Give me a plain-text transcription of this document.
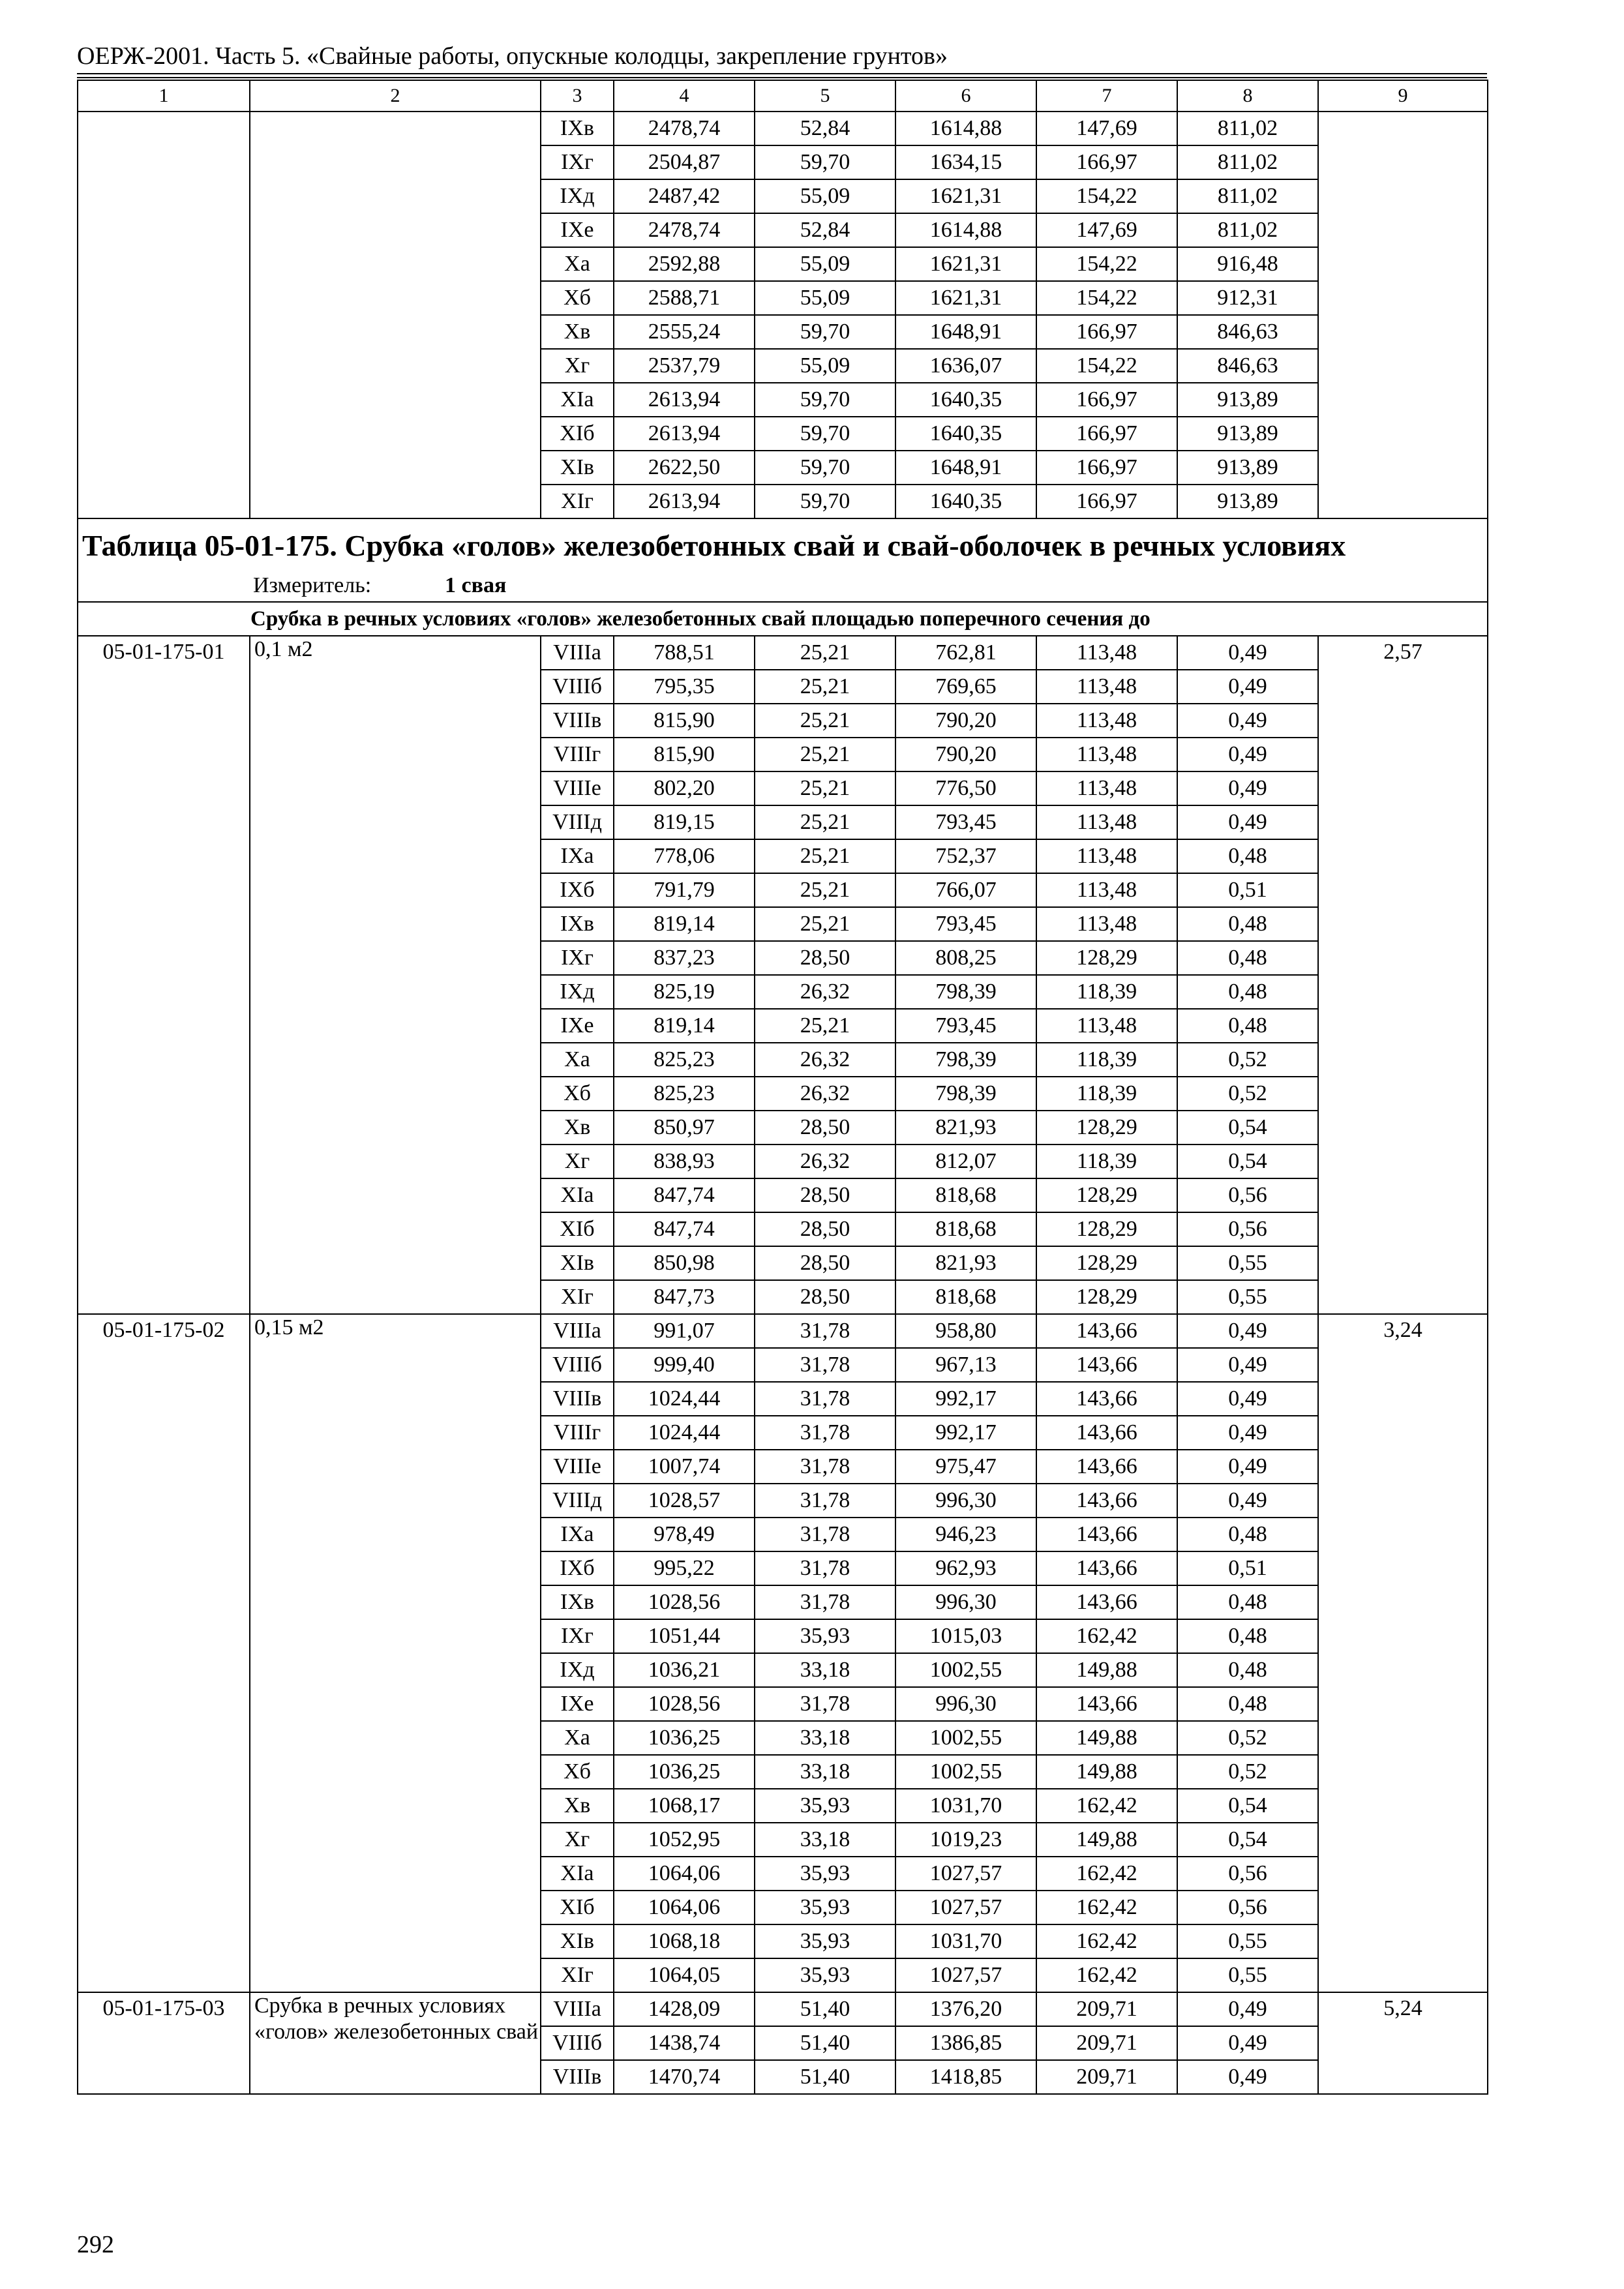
ОЕРЖ-2001. Часть 5. «Свайные работы, опускные колодцы, закрепление грунтов»
1	2	3	4	5	6	7	8	9
		IXв	2478,74	52,84	1614,88	147,69	811,02	
		IXг	2504,87	59,70	1634,15	166,97	811,02	
		IXд	2487,42	55,09	1621,31	154,22	811,02	
		IXе	2478,74	52,84	1614,88	147,69	811,02	
		Xа	2592,88	55,09	1621,31	154,22	916,48	
		Xб	2588,71	55,09	1621,31	154,22	912,31	
		Xв	2555,24	59,70	1648,91	166,97	846,63	
		Xг	2537,79	55,09	1636,07	154,22	846,63	
		XIа	2613,94	59,70	1640,35	166,97	913,89	
		XIб	2613,94	59,70	1640,35	166,97	913,89	
		XIв	2622,50	59,70	1648,91	166,97	913,89	
		XIг	2613,94	59,70	1640,35	166,97	913,89	

Таблица 05-01-175. Срубка «голов» железобетонных свай и свай-оболочек в речных условиях
Измеритель: 1 свая								

Срубка в речных условиях «голов» железобетонных свай площадью поперечного сечения до								
05-01-175-01	0,1 м2	VIIIа	788,51	25,21	762,81	113,48	0,49	2,57
		VIIIб	795,35	25,21	769,65	113,48	0,49	
		VIIIв	815,90	25,21	790,20	113,48	0,49	
		VIIIг	815,90	25,21	790,20	113,48	0,49	
		VIIIе	802,20	25,21	776,50	113,48	0,49	
		VIIIд	819,15	25,21	793,45	113,48	0,49	
		IXа	778,06	25,21	752,37	113,48	0,48	
		IXб	791,79	25,21	766,07	113,48	0,51	
		IXв	819,14	25,21	793,45	113,48	0,48	
		IXг	837,23	28,50	808,25	128,29	0,48	
		IXд	825,19	26,32	798,39	118,39	0,48	
		IXе	819,14	25,21	793,45	113,48	0,48	
		Xа	825,23	26,32	798,39	118,39	0,52	
		Xб	825,23	26,32	798,39	118,39	0,52	
		Xв	850,97	28,50	821,93	128,29	0,54	
		Xг	838,93	26,32	812,07	118,39	0,54	
		XIа	847,74	28,50	818,68	128,29	0,56	
		XIб	847,74	28,50	818,68	128,29	0,56	
		XIв	850,98	28,50	821,93	128,29	0,55	
		XIг	847,73	28,50	818,68	128,29	0,55	
05-01-175-02	0,15 м2	VIIIа	991,07	31,78	958,80	143,66	0,49	3,24
		VIIIб	999,40	31,78	967,13	143,66	0,49	
		VIIIв	1024,44	31,78	992,17	143,66	0,49	
		VIIIг	1024,44	31,78	992,17	143,66	0,49	
		VIIIе	1007,74	31,78	975,47	143,66	0,49	
		VIIIд	1028,57	31,78	996,30	143,66	0,49	
		IXа	978,49	31,78	946,23	143,66	0,48	
		IXб	995,22	31,78	962,93	143,66	0,51	
		IXв	1028,56	31,78	996,30	143,66	0,48	
		IXг	1051,44	35,93	1015,03	162,42	0,48	
		IXд	1036,21	33,18	1002,55	149,88	0,48	
		IXе	1028,56	31,78	996,30	143,66	0,48	
		Xа	1036,25	33,18	1002,55	149,88	0,52	
		Xб	1036,25	33,18	1002,55	149,88	0,52	
		Xв	1068,17	35,93	1031,70	162,42	0,54	
		Xг	1052,95	33,18	1019,23	149,88	0,54	
		XIа	1064,06	35,93	1027,57	162,42	0,56	
		XIб	1064,06	35,93	1027,57	162,42	0,56	
		XIв	1068,18	35,93	1031,70	162,42	0,55	
		XIг	1064,05	35,93	1027,57	162,42	0,55	
05-01-175-03	Срубка в речных условиях «голов» железобетонных свай	VIIIа	1428,09	51,40	1376,20	209,71	0,49	5,24
		VIIIб	1438,74	51,40	1386,85	209,71	0,49	
		VIIIв	1470,74	51,40	1418,85	209,71	0,49	
292
